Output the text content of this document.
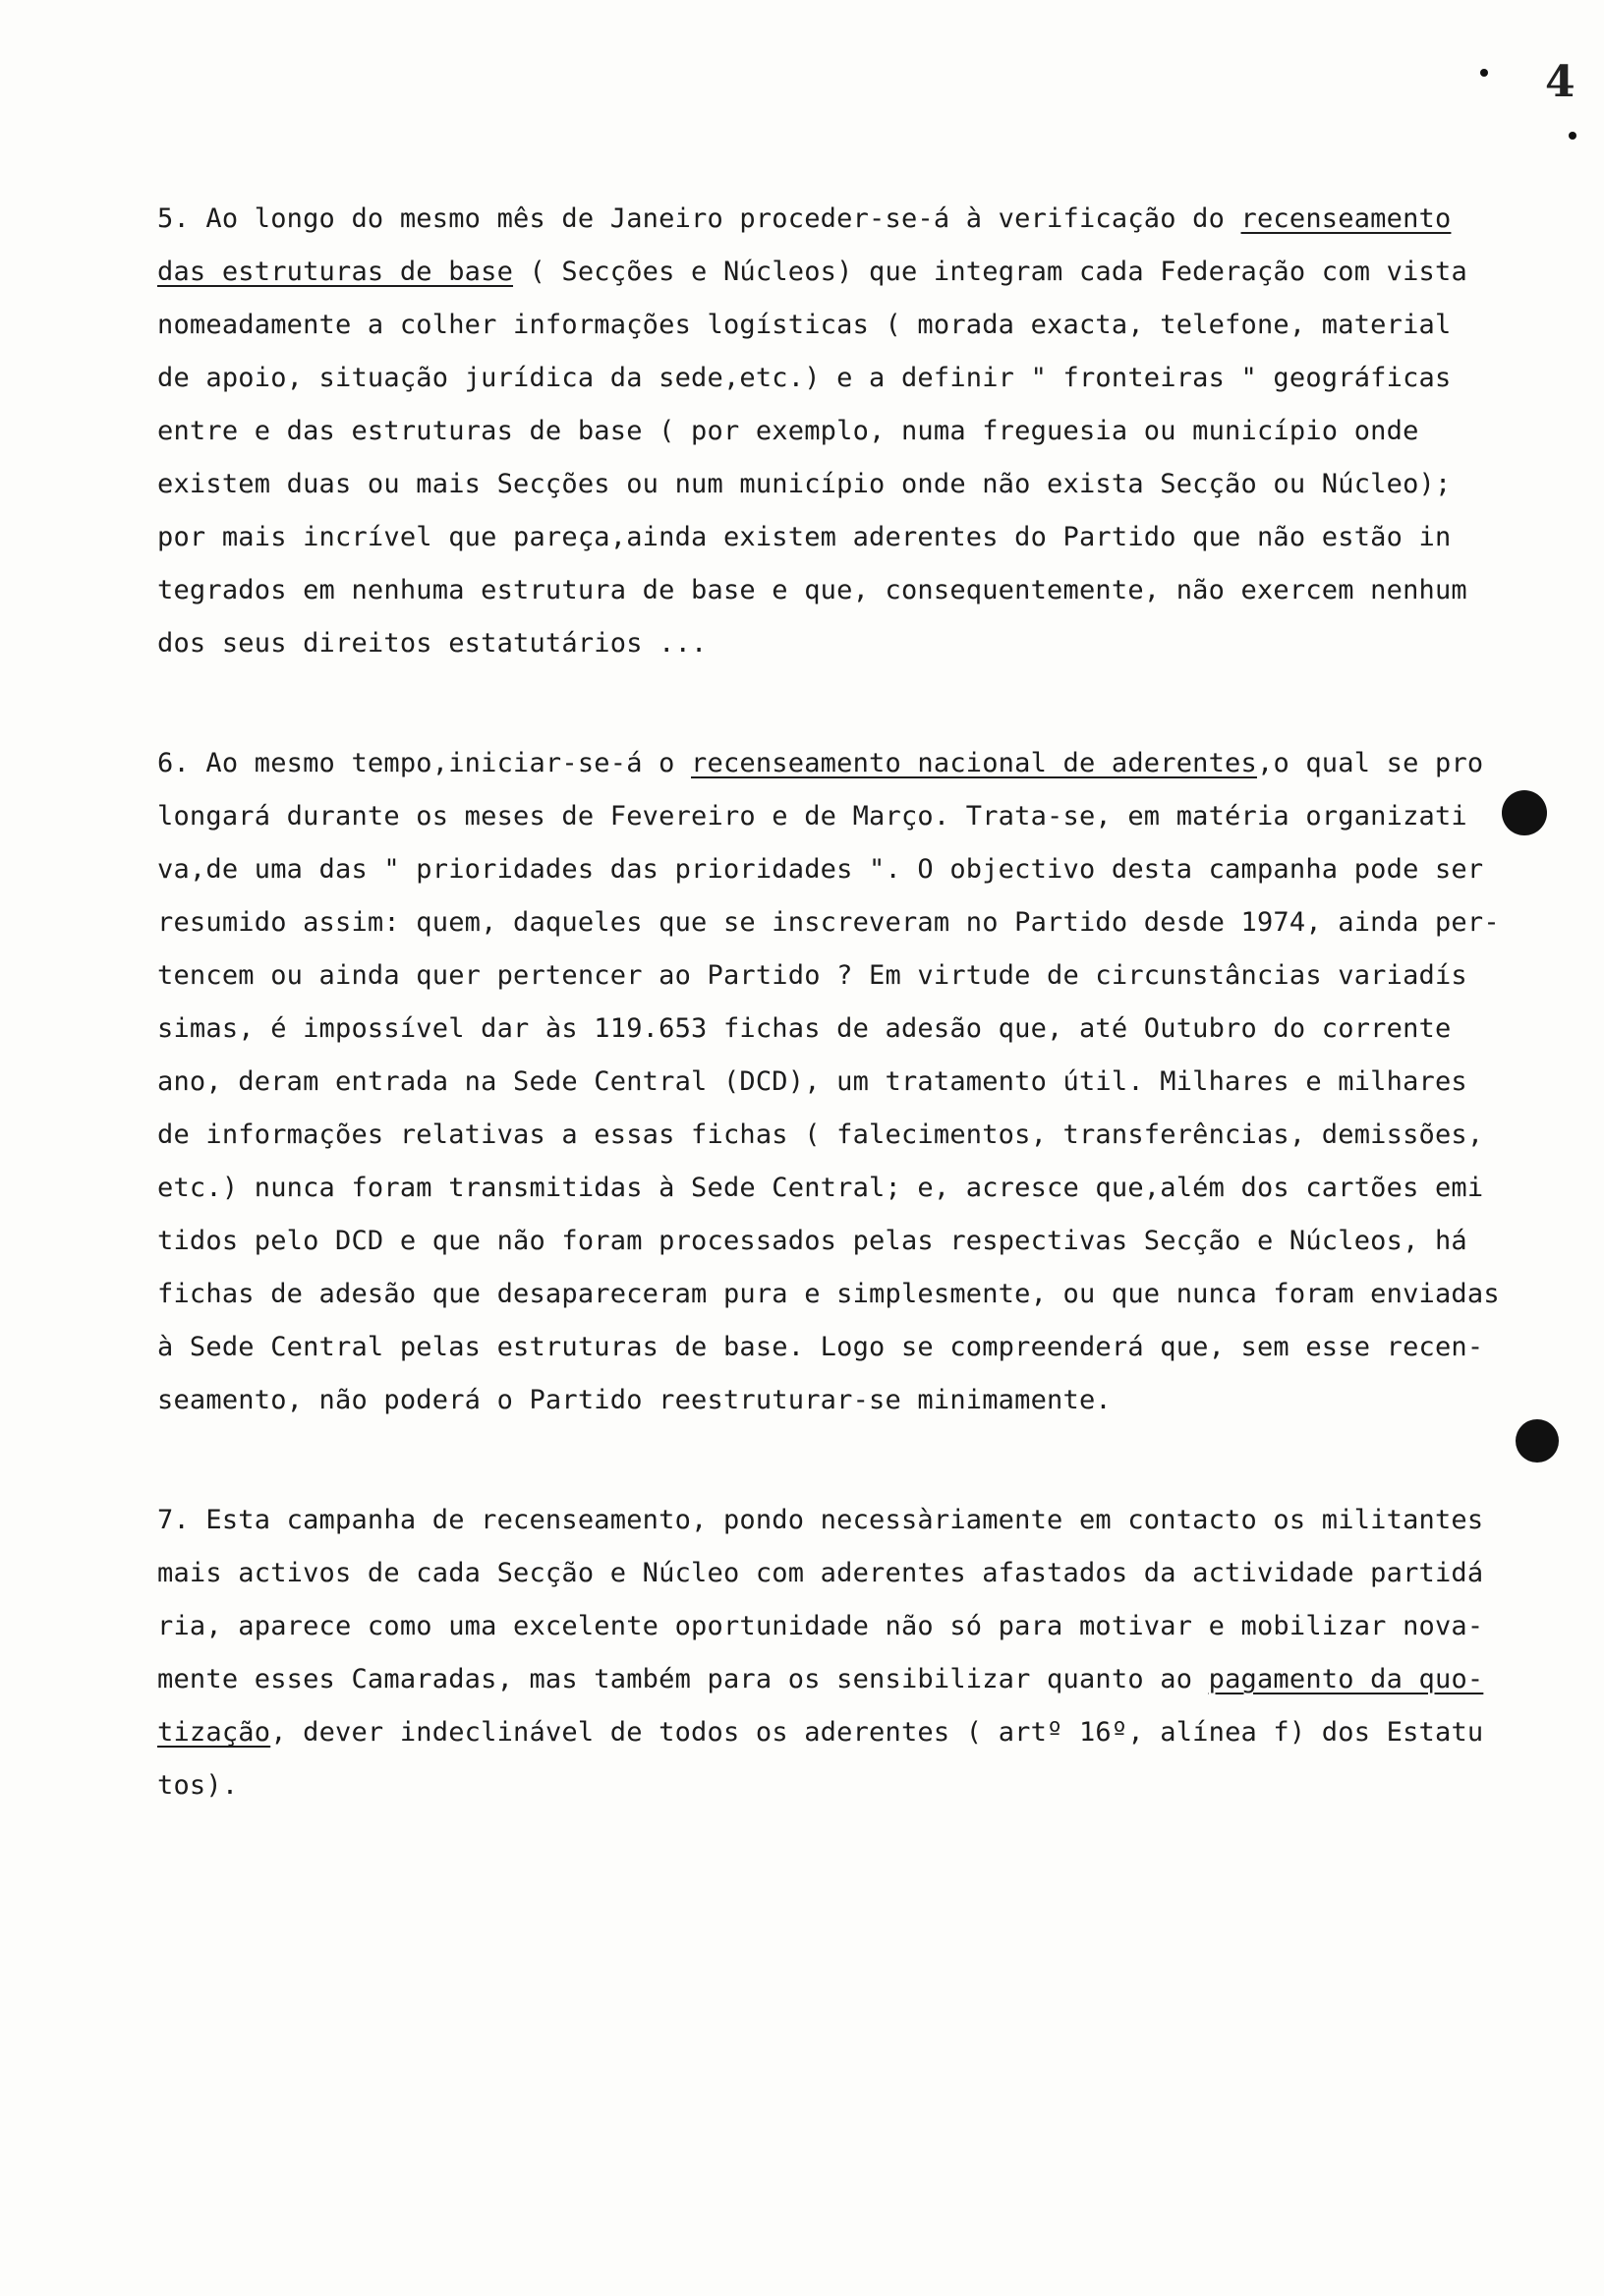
4
5. Ao longo do mesmo mês de Janeiro proceder-se-á à verificação do recenseamento
das estruturas de base ( Secções e Núcleos) que integram cada Federação com vista
nomeadamente a colher informações logísticas ( morada exacta, telefone, material
de apoio, situação jurídica da sede,etc.) e a definir " fronteiras " geográficas
entre e das estruturas de base ( por exemplo, numa freguesia ou município onde
existem duas ou mais Secções ou num município onde não exista Secção ou Núcleo);
por mais incrível que pareça,ainda existem aderentes do Partido que não estão in
tegrados em nenhuma estrutura de base e que, consequentemente, não exercem nenhum
dos seus direitos estatutários ...
6. Ao mesmo tempo,iniciar-se-á o recenseamento nacional de aderentes,o qual se pro
longará durante os meses de Fevereiro e de Março. Trata-se, em matéria organizati
va,de uma das " prioridades das prioridades ". O objectivo desta campanha pode ser
resumido assim: quem, daqueles que se inscreveram no Partido desde 1974, ainda per-
tencem ou ainda quer pertencer ao Partido ? Em virtude de circunstâncias variadís
simas, é impossível dar às 119.653 fichas de adesão que, até Outubro do corrente
ano, deram entrada na Sede Central (DCD), um tratamento útil. Milhares e milhares
de informações relativas a essas fichas ( falecimentos, transferências, demissões,
etc.) nunca foram transmitidas à Sede Central; e, acresce que,além dos cartões emi
tidos pelo DCD e que não foram processados pelas respectivas Secção e Núcleos, há
fichas de adesão que desapareceram pura e simplesmente, ou que nunca foram enviadas
à Sede Central pelas estruturas de base. Logo se compreenderá que, sem esse recen-
seamento, não poderá o Partido reestruturar-se minimamente.
7. Esta campanha de recenseamento, pondo necessàriamente em contacto os militantes
mais activos de cada Secção e Núcleo com aderentes afastados da actividade partidá
ria, aparece como uma excelente oportunidade não só para motivar e mobilizar nova-
mente esses Camaradas, mas também para os sensibilizar quanto ao pagamento da quo-
tização, dever indeclinável de todos os aderentes ( artº 16º, alínea f) dos Estatu
tos).
